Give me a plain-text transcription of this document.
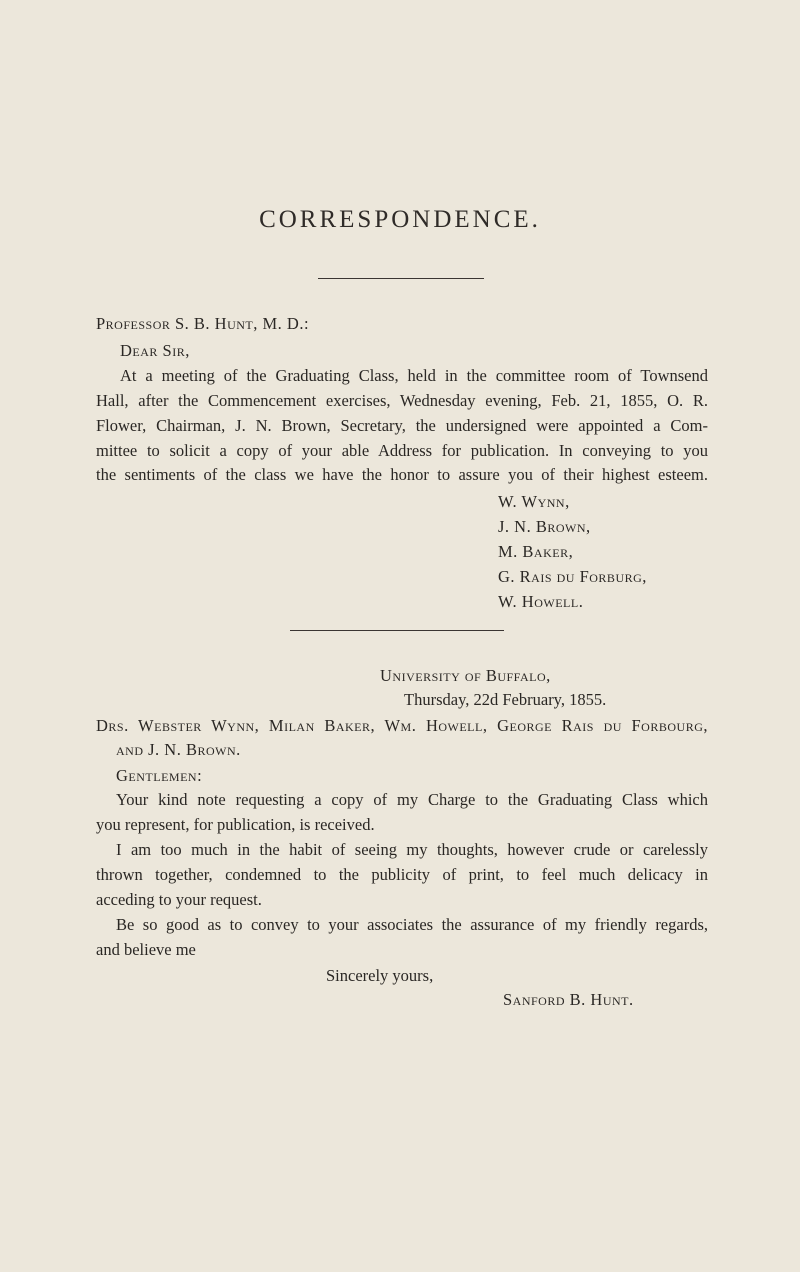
CORRESPONDENCE.
Professor S. B. Hunt, M. D.:
Dear Sir,
At a meeting of the Graduating Class, held in the committee room of Townsend
Hall, after the Commencement exercises, Wednesday evening, Feb. 21, 1855, O. R.
Flower, Chairman, J. N. Brown, Secretary, the undersigned were appointed a Com-
mittee to solicit a copy of your able Address for publication. In conveying to you
the sentiments of the class we have the honor to assure you of their highest esteem.
W. Wynn,
J. N. Brown,
M. Baker,
G. Rais du Forburg,
W. Howell.
University of Buffalo,
Thursday, 22d February, 1855.
Drs. Webster Wynn, Milan Baker, Wm. Howell, George Rais du Forbourg,
and J. N. Brown.
Gentlemen:
Your kind note requesting a copy of my Charge to the Graduating Class which
you represent, for publication, is received.
I am too much in the habit of seeing my thoughts, however crude or carelessly
thrown together, condemned to the publicity of print, to feel much delicacy in
acceding to your request.
Be so good as to convey to your associates the assurance of my friendly regards,
and believe me
Sincerely yours,
Sanford B. Hunt.
